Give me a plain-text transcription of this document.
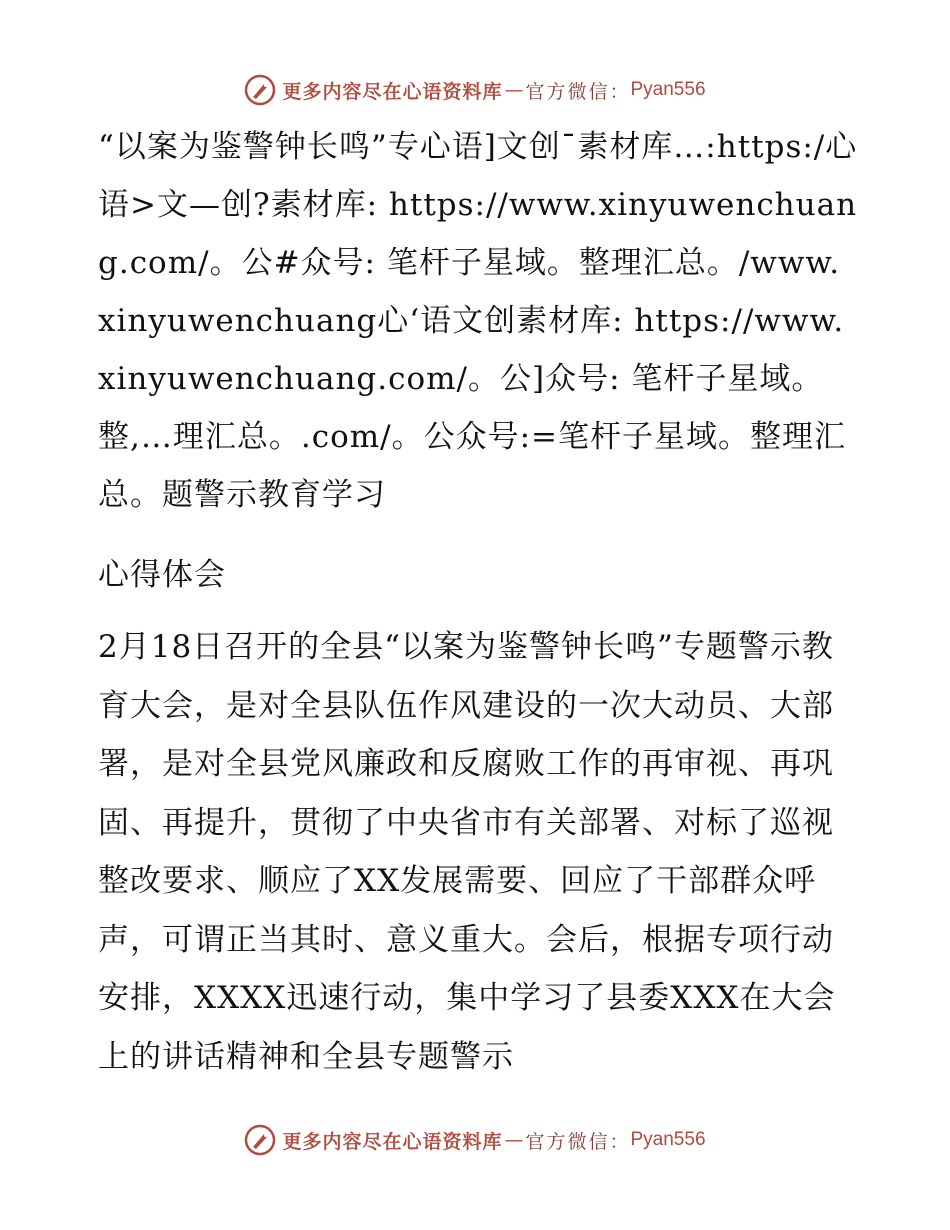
更多内容尽在心语资料库 — 官方微信： Pyan556

“以案为鉴警钟长鸣”专心语]文创¯素材库…:https:/心语>文—创?素材库: https://www.xinyuwenchuang.com/。公#众号: 笔杆子星域。整理汇总。/www.xinyuwenchuang心‘语文创素材库: https://www.xinyuwenchuang.com/。公]众号: 笔杆子星域。整,…理汇总。.com/。公众号:=笔杆子星域。整理汇总。题警示教育学习

心得体会

2月18日召开的全县“以案为鉴警钟长鸣”专题警示教育大会，是对全县队伍作风建设的一次大动员、大部署，是对全县党风廉政和反腐败工作的再审视、再巩固、再提升，贯彻了中央省市有关部署、对标了巡视整改要求、顺应了XX发展需要、回应了干部群众呼声，可谓正当其时、意义重大。会后，根据专项行动安排，XXXX迅速行动，集中学习了县委XXX在大会上的讲话精神和全县专题警示

更多内容尽在心语资料库 — 官方微信： Pyan556
